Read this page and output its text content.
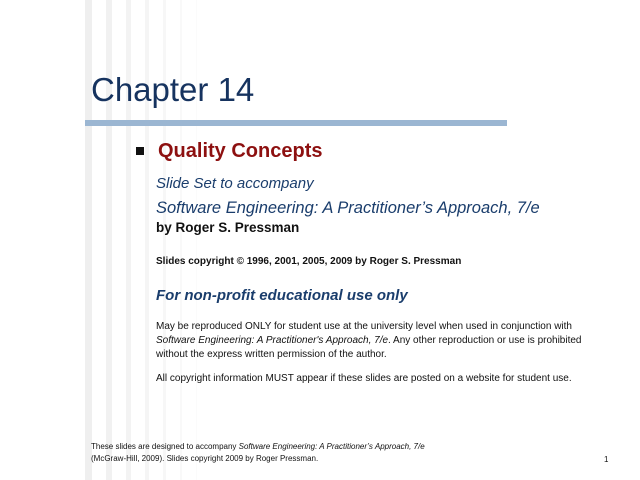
Chapter 14
Quality Concepts
Slide Set to accompany
Software Engineering: A Practitioner’s Approach, 7/e
by Roger S. Pressman
Slides copyright © 1996, 2001, 2005, 2009 by Roger S. Pressman
For non-profit educational use only

May be reproduced ONLY for student use at the university level when used in conjunction with Software Engineering: A Practitioner's Approach, 7/e. Any other reproduction or use is prohibited without the express written permission of the author.

All copyright information MUST appear if these slides are posted on a website for student use.

These slides are designed to accompany Software Engineering: A Practitioner’s Approach, 7/e
(McGraw-Hill, 2009). Slides copyright 2009 by Roger Pressman.	1
